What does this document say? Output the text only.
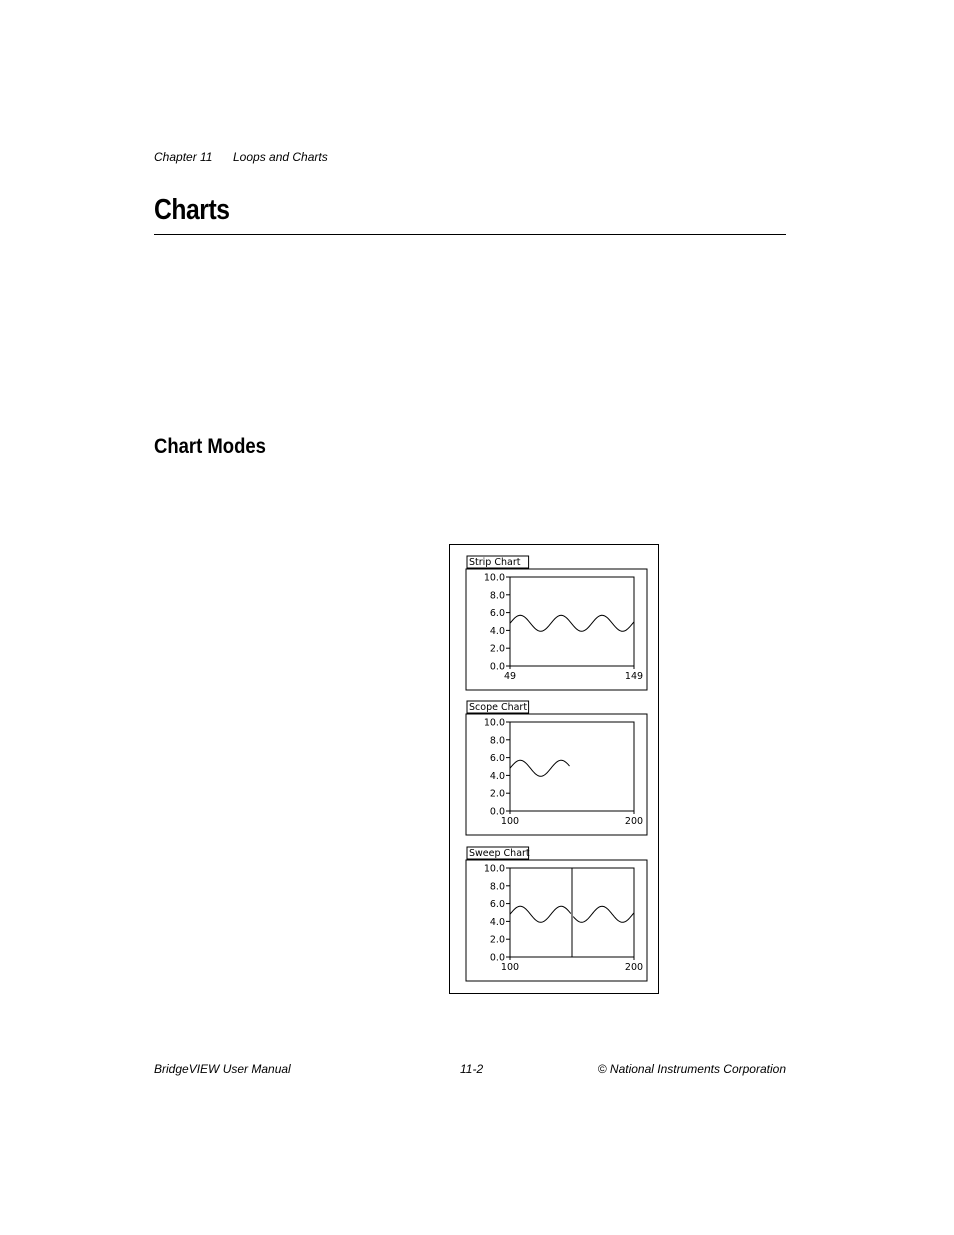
Chapter 11 Loops and Charts
Charts
Chart Modes
Strip Chart
10.0
8.0
6.0
4.0
2.0
0.0
49	149
Scope Chart
10.0
8.0
6.0
4.0
2.0
0.0
100	200
Sweep Chart
10.0
8.0
6.0
4.0
2.0
0.0
100	200
BridgeVIEW User Manual	11-2	© National Instruments Corporation
